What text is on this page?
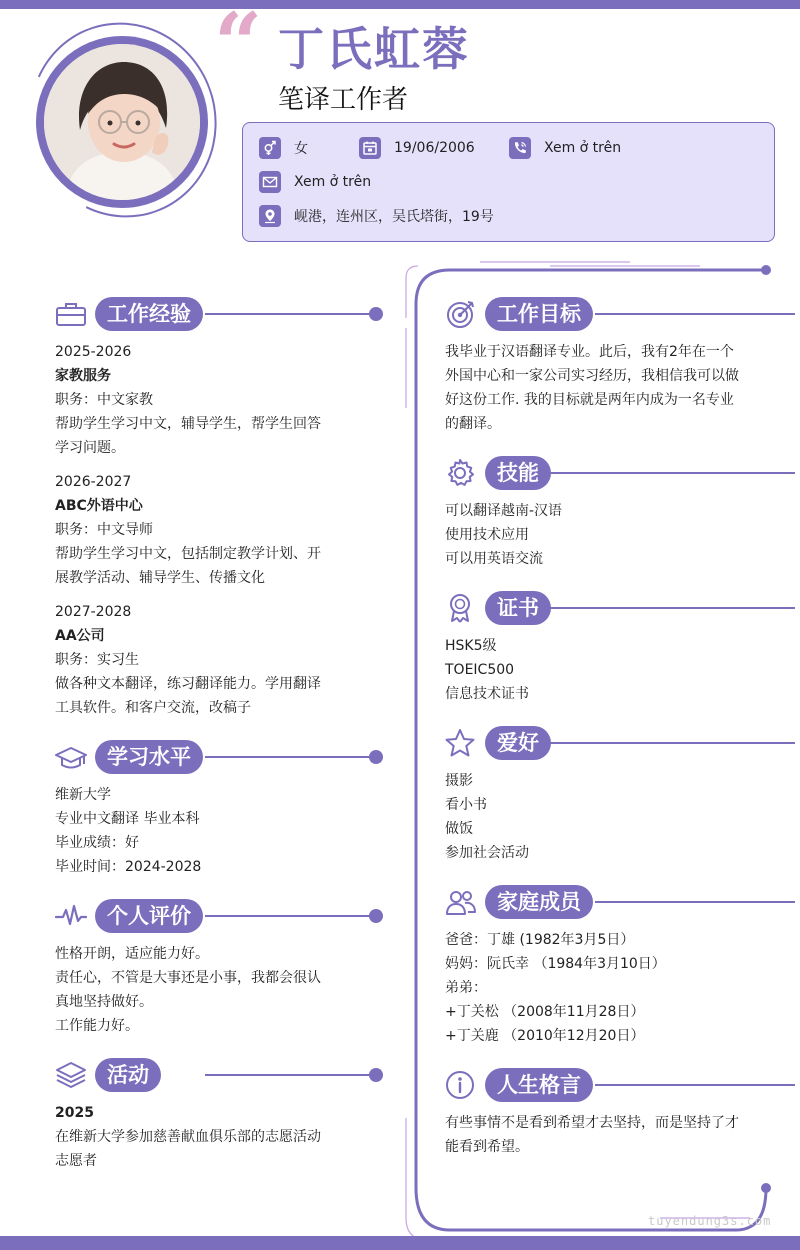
“ 丁氏虹蓉
笔译工作者
女	19/06/2006	Xem ở trên
Xem ở trên
岘港，连州区，吴氏塔街，19号
工作经验
2025-2026
家教服务
职务：中文家教
帮助学生学习中文，辅导学生，帮学生回答
学习问题。
2026-2027
ABC外语中心
职务：中文导师
帮助学生学习中文，包括制定教学计划、开
展教学活动、辅导学生、传播文化
2027-2028
AA公司
职务：实习生
做各种文本翻译，练习翻译能力。学用翻译
工具软件。和客户交流，改稿子
学习水平
维新大学
专业中文翻译 毕业本科
毕业成绩：好
毕业时间：2024-2028
个人评价
性格开朗，适应能力好。
责任心，不管是大事还是小事，我都会很认
真地坚持做好。
工作能力好。
活动
2025
在维新大学参加慈善献血俱乐部的志愿活动
志愿者
工作目标
我毕业于汉语翻译专业。此后，我有2年在一个
外国中心和一家公司实习经历，我相信我可以做
好这份工作. 我的目标就是两年内成为一名专业
的翻译。
技能
可以翻译越南-汉语
使用技术应用
可以用英语交流
证书
HSK5级
TOEIC500
信息技术证书
爱好
摄影
看小书
做饭
参加社会活动
家庭成员
爸爸：丁雄 (1982年3月5日）
妈妈：阮氏幸 （1984年3月10日）
弟弟：
+丁关松 （2008年11月28日）
+丁关鹿 （2010年12月20日）
人生格言
有些事情不是看到希望才去坚持，而是坚持了才
能看到希望。
tuyendung3s.com
